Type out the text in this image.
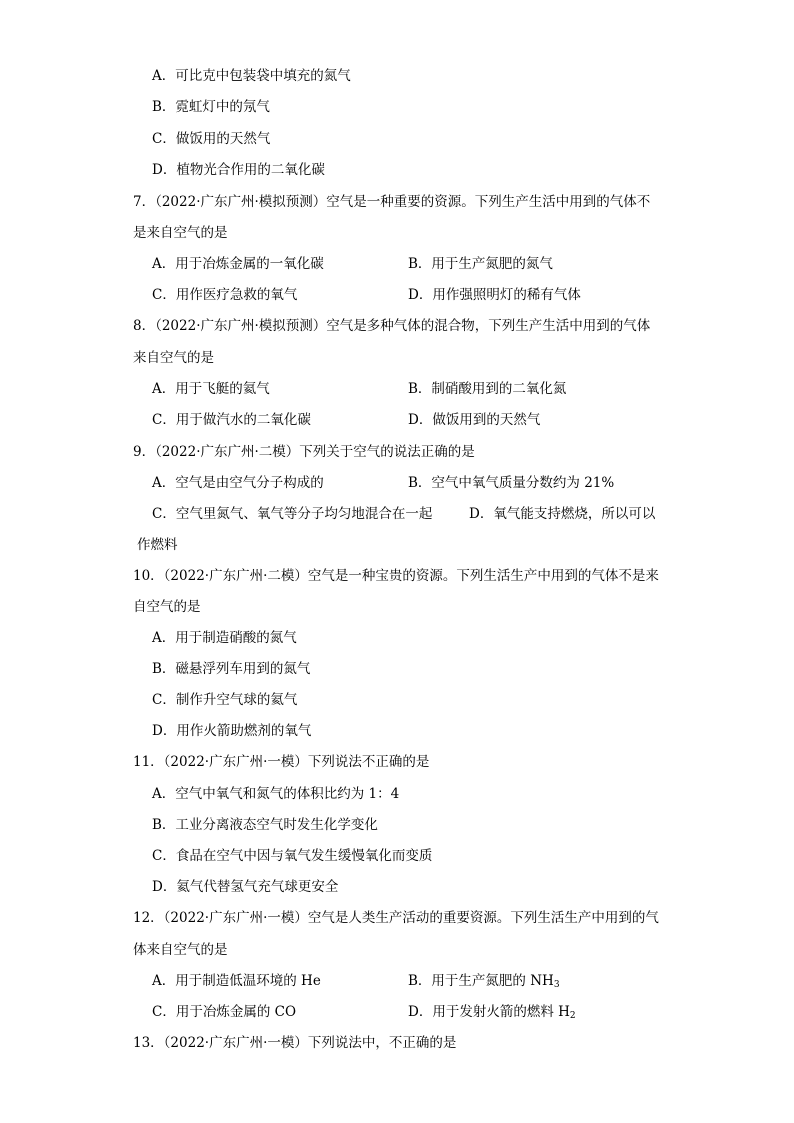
A．可比克中包装袋中填充的氮气
B．霓虹灯中的氖气
C．做饭用的天然气
D．植物光合作用的二氧化碳
7．（2022·广东广州·模拟预测）空气是一种重要的资源。下列生产生活中用到的气体不
是来自空气的是
A．用于冶炼金属的一氧化碳	B．用于生产氮肥的氮气
C．用作医疗急救的氧气	D．用作强照明灯的稀有气体
8．（2022·广东广州·模拟预测）空气是多种气体的混合物，下列生产生活中用到的气体
来自空气的是
A．用于飞艇的氦气	B．制硝酸用到的二氧化氮
C．用于做汽水的二氧化碳	D．做饭用到的天然气
9．（2022·广东广州·二模）下列关于空气的说法正确的是
A．空气是由空气分子构成的	B．空气中氧气质量分数约为 21%
C．空气里氮气、氧气等分子均匀地混合在一起	D．氧气能支持燃烧，所以可以
作燃料
10．（2022·广东广州·二模）空气是一种宝贵的资源。下列生活生产中用到的气体不是来
自空气的是
A．用于制造硝酸的氮气
B．磁悬浮列车用到的氮气
C．制作升空气球的氦气
D．用作火箭助燃剂的氧气
11．（2022·广东广州·一模）下列说法不正确的是
A．空气中氧气和氮气的体积比约为 1：4
B．工业分离液态空气时发生化学变化
C．食品在空气中因与氧气发生缓慢氧化而变质
D．氦气代替氢气充气球更安全
12．（2022·广东广州·一模）空气是人类生产活动的重要资源。下列生活生产中用到的气
体来自空气的是
A．用于制造低温环境的 He	B．用于生产氮肥的 $NH_3$
C．用于冶炼金属的 CO	D．用于发射火箭的燃料 $H_2$
13．（2022·广东广州·一模）下列说法中，不正确的是
